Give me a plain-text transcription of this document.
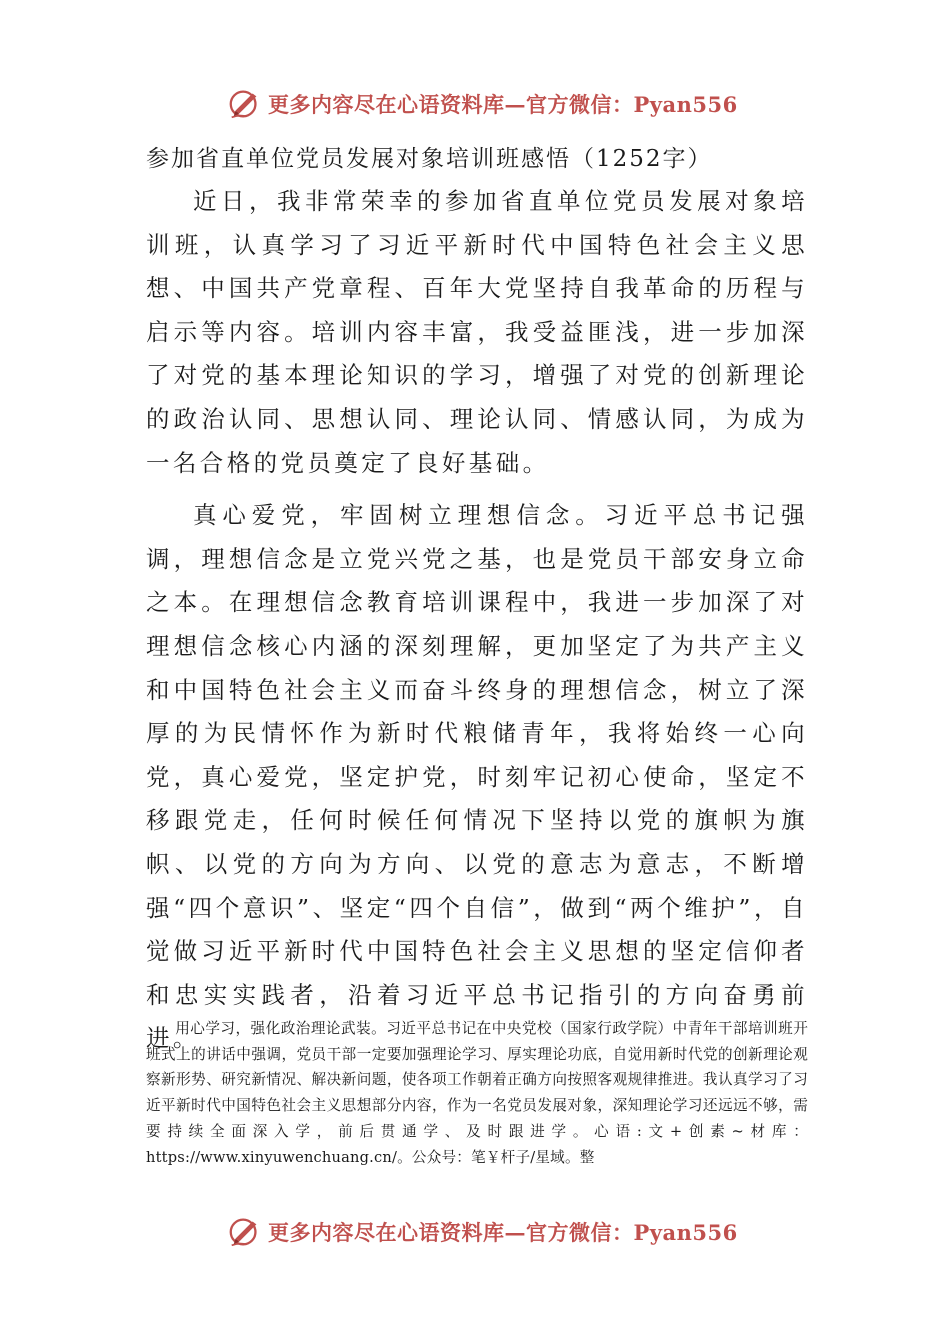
更多内容尽在心语资料库—官方微信：Pyan556
参加省直单位党员发展对象培训班感悟（1252字）

近日，我非常荣幸的参加省直单位党员发展对象培训班，认真学习了习近平新时代中国特色社会主义思想、中国共产党章程、百年大党坚持自我革命的历程与启示等内容。培训内容丰富，我受益匪浅，进一步加深了对党的基本理论知识的学习，增强了对党的创新理论的政治认同、思想认同、理论认同、情感认同，为成为一名合格的党员奠定了良好基础。

真心爱党，牢固树立理想信念。习近平总书记强调，理想信念是立党兴党之基，也是党员干部安身立命之本。在理想信念教育培训课程中，我进一步加深了对理想信念核心内涵的深刻理解，更加坚定了为共产主义和中国特色社会主义而奋斗终身的理想信念，树立了深厚的为民情怀作为新时代粮储青年，我将始终一心向党，真心爱党，坚定护党，时刻牢记初心使命，坚定不移跟党走，任何时候任何情况下坚持以党的旗帜为旗帜、以党的方向为方向、以党的意志为意志，不断增强“四个意识”、坚定“四个自信”，做到“两个维护”，自觉做习近平新时代中国特色社会主义思想的坚定信仰者和忠实实践者，沿着习近平总书记指引的方向奋勇前进。

用心学习，强化政治理论武装。习近平总书记在中央党校（国家行政学院）中青年干部培训班开班式上的讲话中强调，党员干部一定要加强理论学习、厚实理论功底，自觉用新时代党的创新理论观察新形势、研究新情况、解决新问题，使各项工作朝着正确方向按照客观规律推进。我认真学习了习近平新时代中国特色社会主义思想部分内容，作为一名党员发展对象，深知理论学习还远远不够，需要持续全面深入学，前后贯通学、及时跟进学。心语:文+创素~材库：https://www.xinyuwenchuang.cn/。公众号：笔￥杆子/星域。整

更多内容尽在心语资料库—官方微信：Pyan556
